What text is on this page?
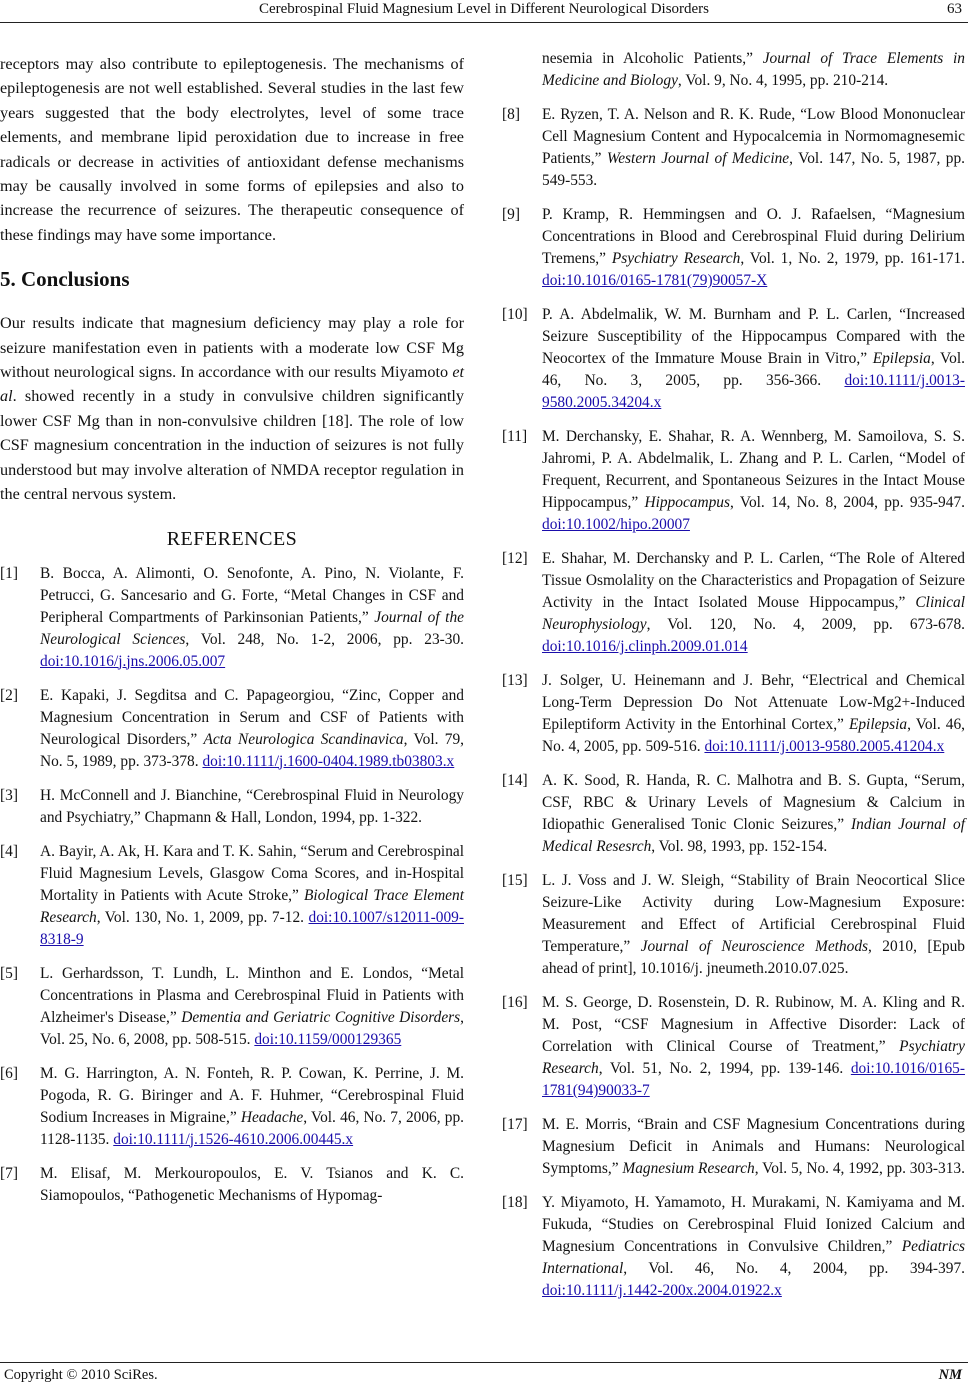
Cerebrospinal Fluid Magnesium Level in Different Neurological Disorders	63

receptors may also contribute to epileptogenesis. The mechanisms of epileptogenesis are not well established. Several studies in the last few years suggested that the body electrolytes, level of some trace elements, and membrane lipid peroxidation due to increase in free radicals or decrease in activities of antioxidant defense mechanisms may be causally involved in some forms of epilepsies and also to increase the recurrence of seizures. The therapeutic consequence of these findings may have some importance.

5. Conclusions

Our results indicate that magnesium deficiency may play a role for seizure manifestation even in patients with a moderate low CSF Mg without neurological signs. In accordance with our results Miyamoto et al. showed recently in a study in convulsive children significantly lower CSF Mg than in non-convulsive children [18]. The role of low CSF magnesium concentration in the induction of seizures is not fully understood but may involve alteration of NMDA receptor regulation in the central nervous system.

REFERENCES
[1]	B. Bocca, A. Alimonti, O. Senofonte, A. Pino, N. Violante, F. Petrucci, G. Sancesario and G. Forte, “Metal Changes in CSF and Peripheral Compartments of Parkinsonian Patients,” Journal of the Neurological Sciences, Vol. 248, No. 1-2, 2006, pp. 23-30. doi:10.1016/j.jns.2006.05.007
[2]	E. Kapaki, J. Segditsa and C. Papageorgiou, “Zinc, Copper and Magnesium Concentration in Serum and CSF of Patients with Neurological Disorders,” Acta Neurologica Scandinavica, Vol. 79, No. 5, 1989, pp. 373-378. doi:10.1111/j.1600-0404.1989.tb03803.x
[3]	H. McConnell and J. Bianchine, “Cerebrospinal Fluid in Neurology and Psychiatry,” Chapmann & Hall, London, 1994, pp. 1-322.
[4]	A. Bayir, A. Ak, H. Kara and T. K. Sahin, “Serum and Cerebrospinal Fluid Magnesium Levels, Glasgow Coma Scores, and in-Hospital Mortality in Patients with Acute Stroke,” Biological Trace Element Research, Vol. 130, No. 1, 2009, pp. 7-12. doi:10.1007/s12011-009-8318-9
[5]	L. Gerhardsson, T. Lundh, L. Minthon and E. Londos, “Metal Concentrations in Plasma and Cerebrospinal Fluid in Patients with Alzheimer's Disease,” Dementia and Geriatric Cognitive Disorders, Vol. 25, No. 6, 2008, pp. 508-515. doi:10.1159/000129365
[6]	M. G. Harrington, A. N. Fonteh, R. P. Cowan, K. Perrine, J. M. Pogoda, R. G. Biringer and A. F. Huhmer, “Cerebrospinal Fluid Sodium Increases in Migraine,” Headache, Vol. 46, No. 7, 2006, pp. 1128-1135. doi:10.1111/j.1526-4610.2006.00445.x
[7]	M. Elisaf, M. Merkouropoulos, E. V. Tsianos and K. C. Siamopoulos, “Pathogenetic Mechanisms of Hypomag-
nesemia in Alcoholic Patients,” Journal of Trace Elements in Medicine and Biology, Vol. 9, No. 4, 1995, pp. 210-214.
[8]	E. Ryzen, T. A. Nelson and R. K. Rude, “Low Blood Mononuclear Cell Magnesium Content and Hypocalcemia in Normomagnesemic Patients,” Western Journal of Medicine, Vol. 147, No. 5, 1987, pp. 549-553.
[9]	P. Kramp, R. Hemmingsen and O. J. Rafaelsen, “Magnesium Concentrations in Blood and Cerebrospinal Fluid during Delirium Tremens,” Psychiatry Research, Vol. 1, No. 2, 1979, pp. 161-171. doi:10.1016/0165-1781(79)90057-X
[10] P. A. Abdelmalik, W. M. Burnham and P. L. Carlen, “Increased Seizure Susceptibility of the Hippocampus Compared with the Neocortex of the Immature Mouse Brain in Vitro,” Epilepsia, Vol. 46, No. 3, 2005, pp. 356-366. doi:10.1111/j.0013-9580.2005.34204.x
[11] M. Derchansky, E. Shahar, R. A. Wennberg, M. Samoilova, S. S. Jahromi, P. A. Abdelmalik, L. Zhang and P. L. Carlen, “Model of Frequent, Recurrent, and Spontaneous Seizures in the Intact Mouse Hippocampus,” Hippocampus, Vol. 14, No. 8, 2004, pp. 935-947. doi:10.1002/hipo.20007
[12] E. Shahar, M. Derchansky and P. L. Carlen, “The Role of Altered Tissue Osmolality on the Characteristics and Propagation of Seizure Activity in the Intact Isolated Mouse Hippocampus,” Clinical Neurophysiology, Vol. 120, No. 4, 2009, pp. 673-678. doi:10.1016/j.clinph.2009.01.014
[13] J. Solger, U. Heinemann and J. Behr, “Electrical and Chemical Long-Term Depression Do Not Attenuate Low-Mg2+-Induced Epileptiform Activity in the Entorhinal Cortex,” Epilepsia, Vol. 46, No. 4, 2005, pp. 509-516. doi:10.1111/j.0013-9580.2005.41204.x
[14] A. K. Sood, R. Handa, R. C. Malhotra and B. S. Gupta, “Serum, CSF, RBC & Urinary Levels of Magnesium & Calcium in Idiopathic Generalised Tonic Clonic Seizures,” Indian Journal of Medical Resesrch, Vol. 98, 1993, pp. 152-154.
[15] L. J. Voss and J. W. Sleigh, “Stability of Brain Neocortical Slice Seizure-Like Activity during Low-Magnesium Exposure: Measurement and Effect of Artificial Cerebrospinal Fluid Temperature,” Journal of Neuroscience Methods, 2010, [Epub ahead of print], 10.1016/j. jneumeth.2010.07.025.
[16] M. S. George, D. Rosenstein, D. R. Rubinow, M. A. Kling and R. M. Post, “CSF Magnesium in Affective Disorder: Lack of Correlation with Clinical Course of Treatment,” Psychiatry Research, Vol. 51, No. 2, 1994, pp. 139-146. doi:10.1016/0165-1781(94)90033-7
[17] M. E. Morris, “Brain and CSF Magnesium Concentrations during Magnesium Deficit in Animals and Humans: Neurological Symptoms,” Magnesium Research, Vol. 5, No. 4, 1992, pp. 303-313.
[18] Y. Miyamoto, H. Yamamoto, H. Murakami, N. Kamiyama and M. Fukuda, “Studies on Cerebrospinal Fluid Ionized Calcium and Magnesium Concentrations in Convulsive Children,” Pediatrics International, Vol. 46, No. 4, 2004, pp. 394-397. doi:10.1111/j.1442-200x.2004.01922.x
Copyright © 2010 SciRes.	NM
